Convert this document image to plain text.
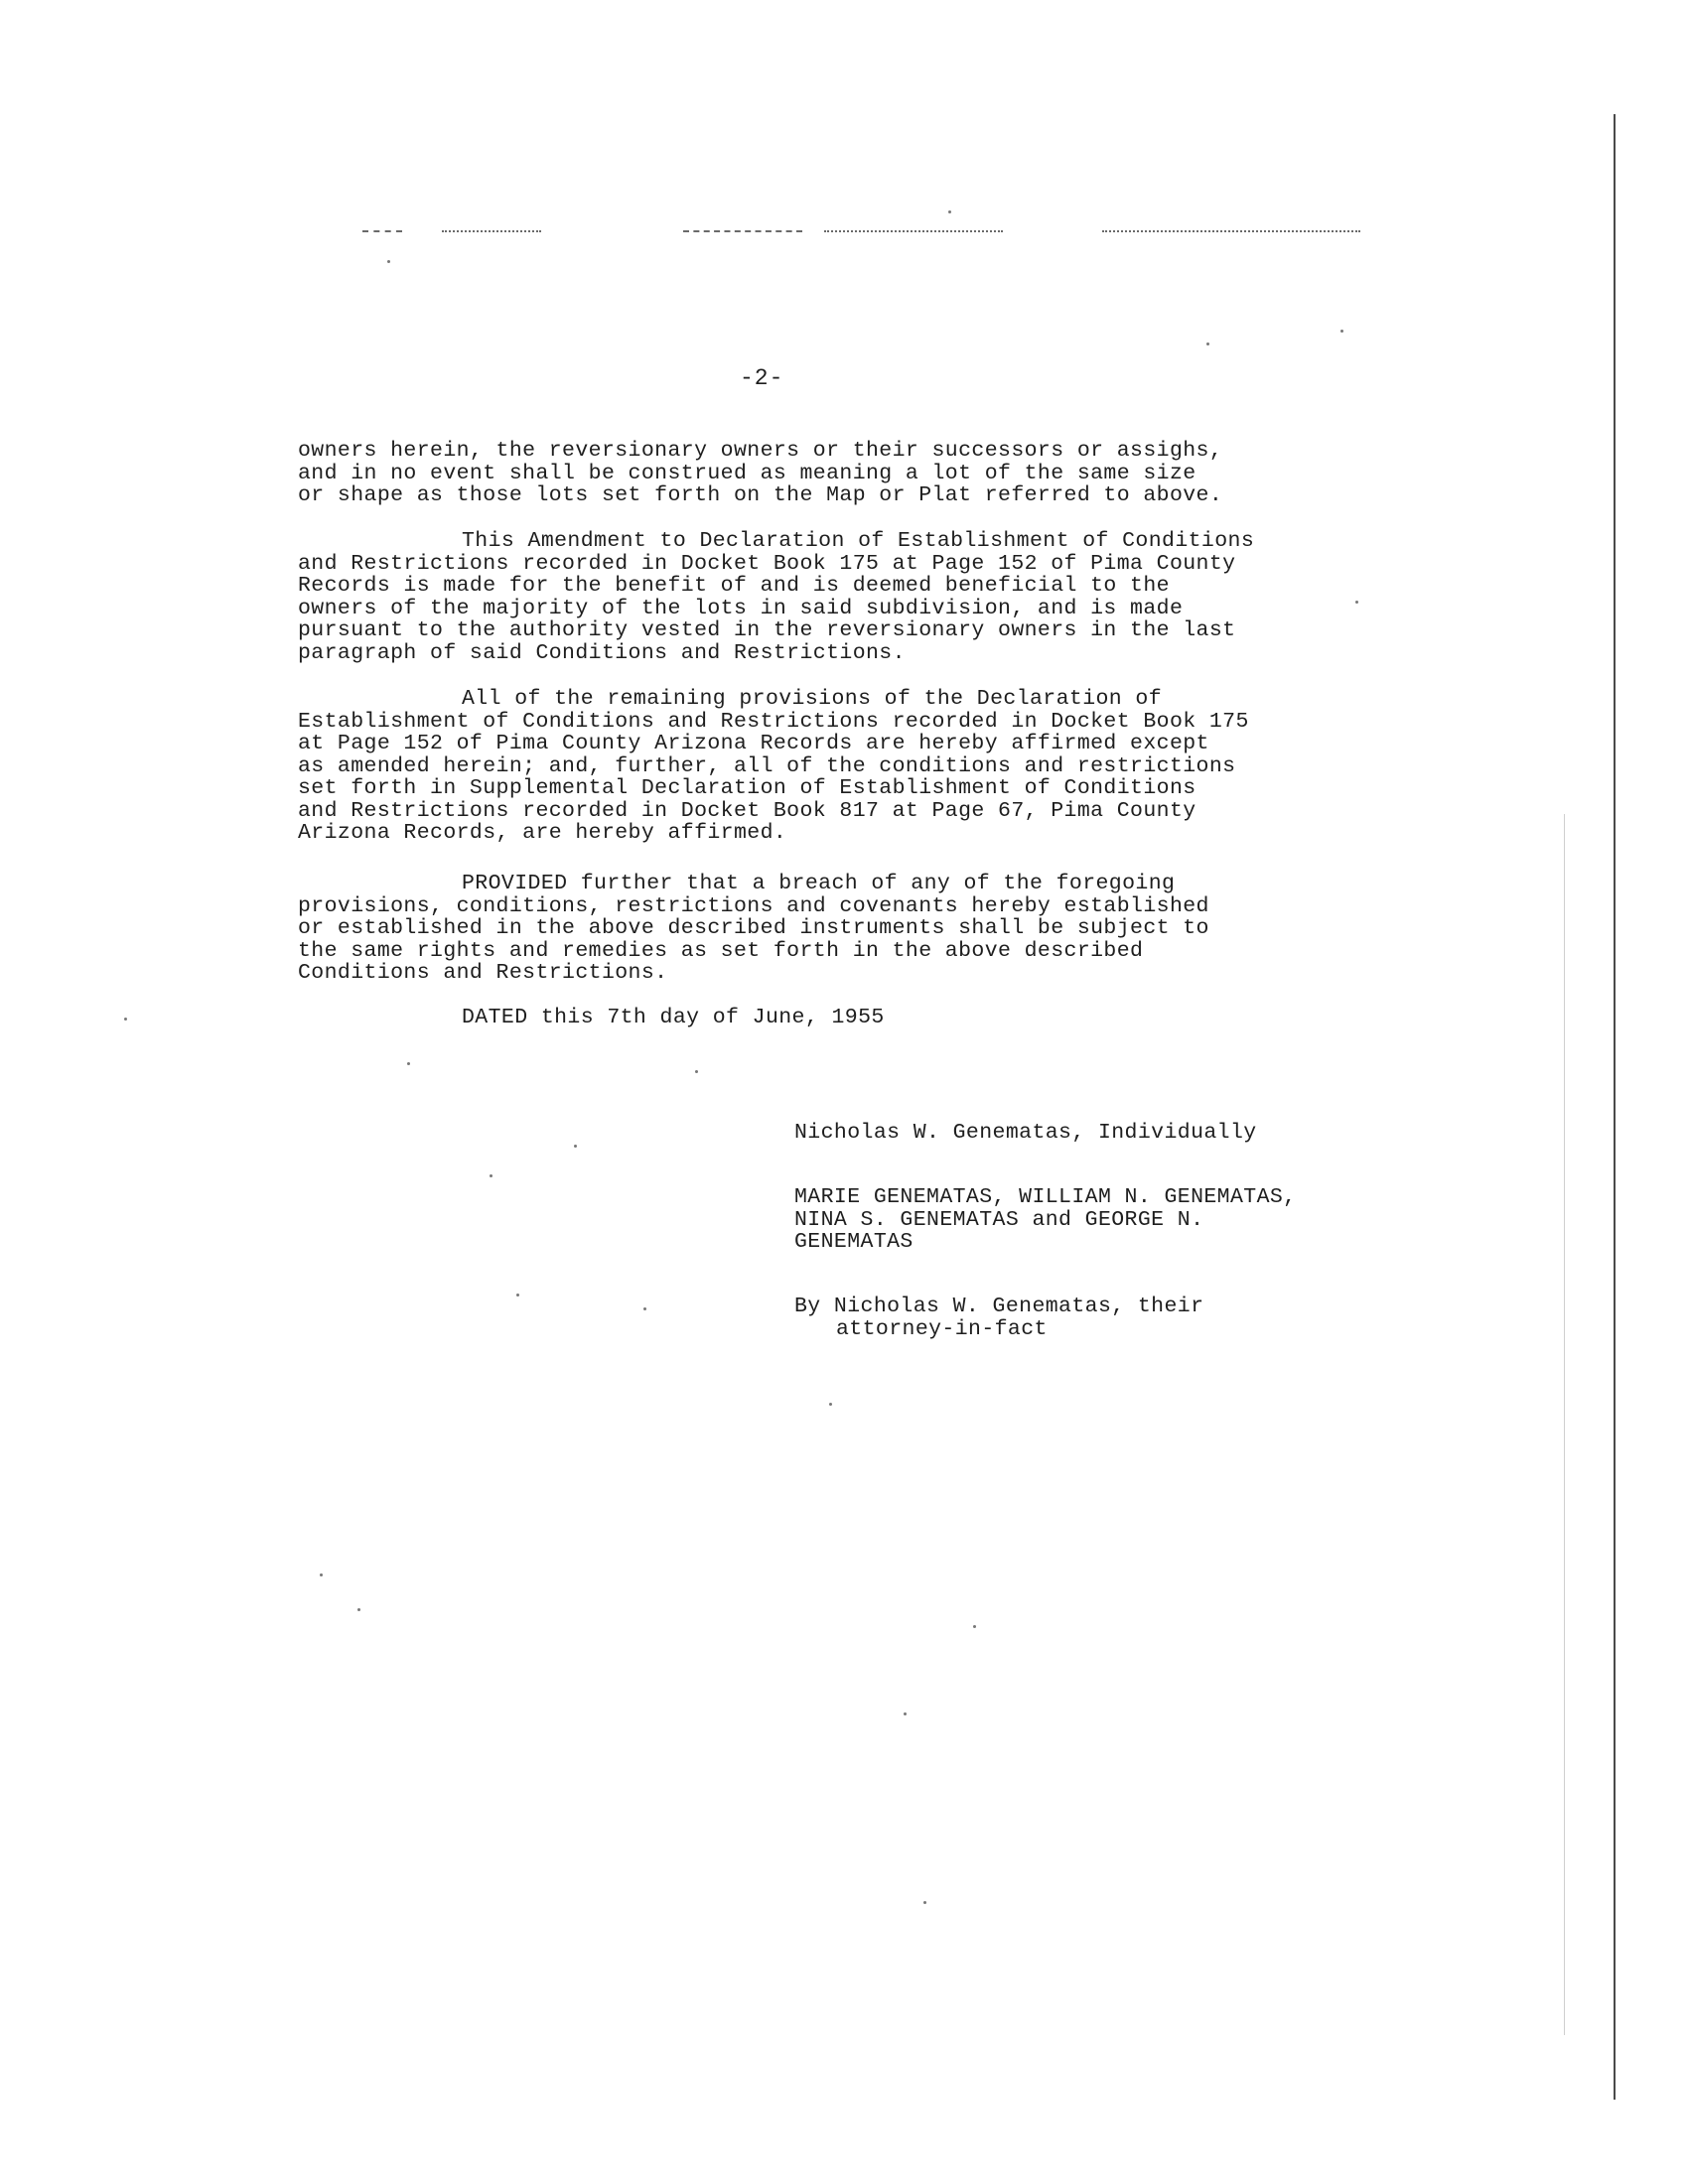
-2-
owners herein, the reversionary owners or their successors or assighs,
and in no event shall be construed as meaning a lot of the same size
or shape as those lots set forth on the Map or Plat referred to above.
This Amendment to Declaration of Establishment of Conditions
and Restrictions recorded in Docket Book 175 at Page 152 of Pima County
Records is made for the benefit of and is deemed beneficial to the
owners of the majority of the lots in said subdivision, and is made
pursuant to the authority vested in the reversionary owners in the last
paragraph of said Conditions and Restrictions.
All of the remaining provisions of the Declaration of
Establishment of Conditions and Restrictions recorded in Docket Book 175
at Page 152 of Pima County Arizona Records are hereby affirmed except
as amended herein; and, further, all of the conditions and restrictions
set forth in Supplemental Declaration of Establishment of Conditions
and Restrictions recorded in Docket Book 817 at Page 67, Pima County
Arizona Records, are hereby affirmed.
PROVIDED further that a breach of any of the foregoing
provisions, conditions, restrictions and covenants hereby established
or established in the above described instruments shall be subject to
the same rights and remedies as set forth in the above described
Conditions and Restrictions.
DATED this 7th day of June, 1955
Nicholas W. Genematas, Individually
MARIE GENEMATAS, WILLIAM N. GENEMATAS,
NINA S. GENEMATAS and GEORGE N.
GENEMATAS
By Nicholas W. Genematas, their
attorney-in-fact
